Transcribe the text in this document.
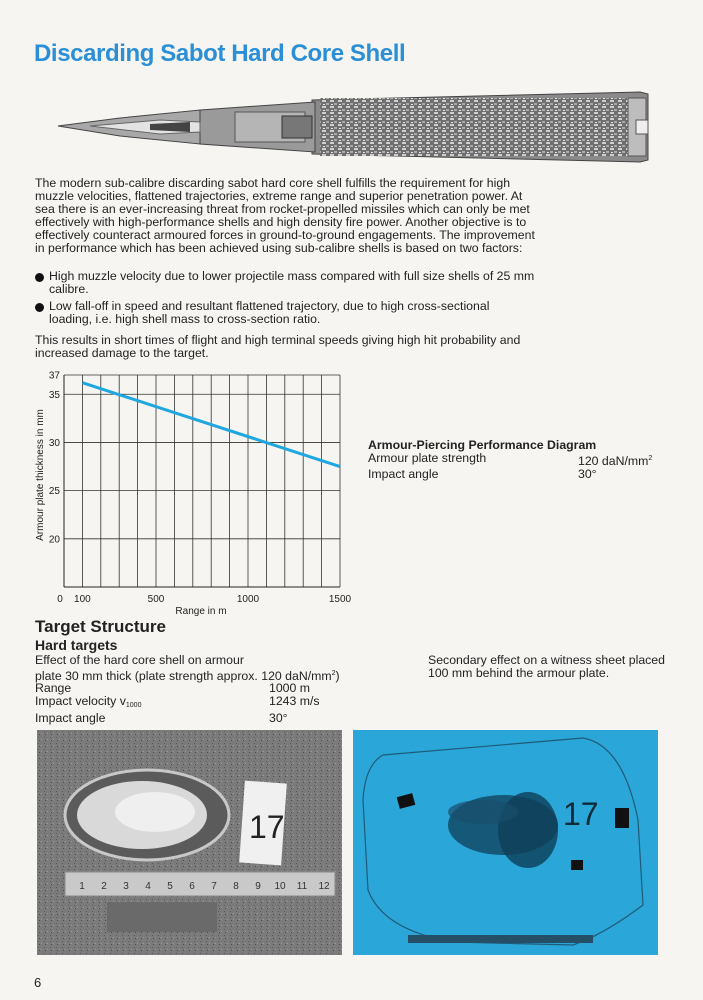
Discarding Sabot Hard Core Shell

The modern sub-calibre discarding sabot hard core shell fulfills the requirement for high muzzle velocities, flattened trajectories, extreme range and superior penetration power. At sea there is an ever-increasing threat from rocket-propelled missiles which can only be met effectively with high-performance shells and high density fire power. Another objective is to effectively counteract armoured forces in ground-to-ground engagements. The improvement in performance which has been achieved using sub-calibre shells is based on two factors:

High muzzle velocity due to lower projectile mass compared with full size shells of 25 mm calibre.
Low fall-off in speed and resultant flattened trajectory, due to high cross-sectional loading, i.e. high shell mass to cross-section ratio.

This results in short times of flight and high terminal speeds giving high hit probability and increased damage to the target.

0 100	500	1000	1500
20
25
30
35
37
Armour plate thickness in mm
Range in m
Armour-Piercing Performance Diagram
Armour plate strength	120 daN/$mm^2$
Impact angle	30°
Target Structure
Hard targets
Effect of the hard core shell on armour
plate 30 mm thick (plate strength approx. 120 daN/$mm^2$)
Range	1000 m
Impact velocity $v_{1000}$	1243 m/s
Impact angle	30°
Secondary effect on a witness sheet placed 100 mm behind the armour plate.
17
1 2 3 4 5 6 7 8 9 10 11 12
17
6
